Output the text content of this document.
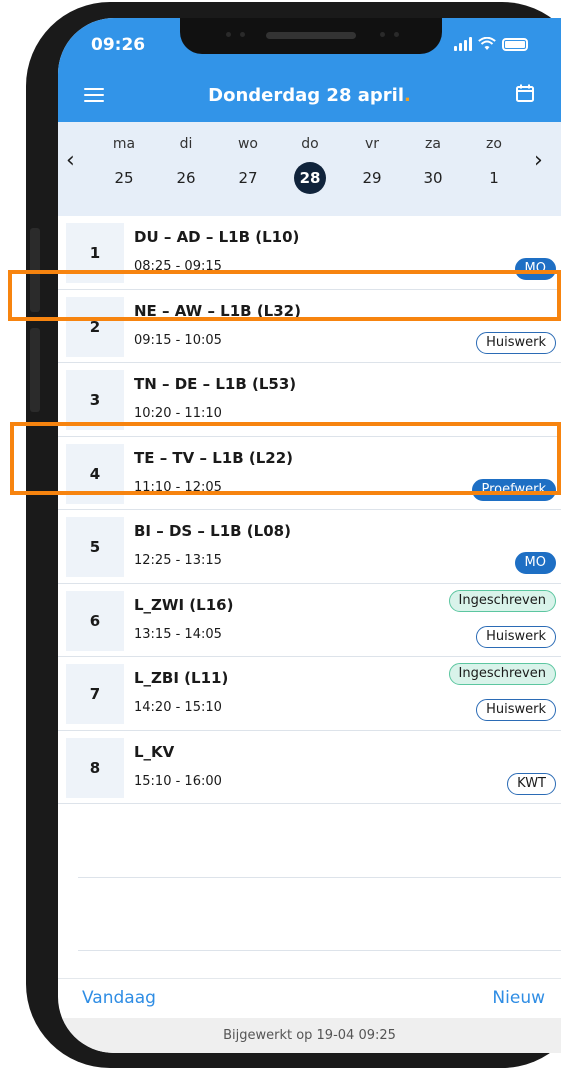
09:26
Donderdag 28 april.
‹
ma
25
di
26
wo
27
do
28
vr
29
za
30
zo
1
›
1
DU – AD – L1B (L10)
08:25 - 09:15	MO
2
NE – AW – L1B (L32)
09:15 - 10:05	Huiswerk
3
TN – DE – L1B (L53)
10:20 - 11:10
4
TE – TV – L1B (L22)
11:10 - 12:05	Proefwerk
5
BI – DS – L1B (L08)
12:25 - 13:15	MO
6
L_ZWI (L16)
13:15 - 14:05
Ingeschreven
Huiswerk
7
L_ZBI (L11)
14:20 - 15:10
Ingeschreven
Huiswerk
8
L_KV
15:10 - 16:00	KWT
Vandaag	Nieuw
Bijgewerkt op 19-04 09:25
